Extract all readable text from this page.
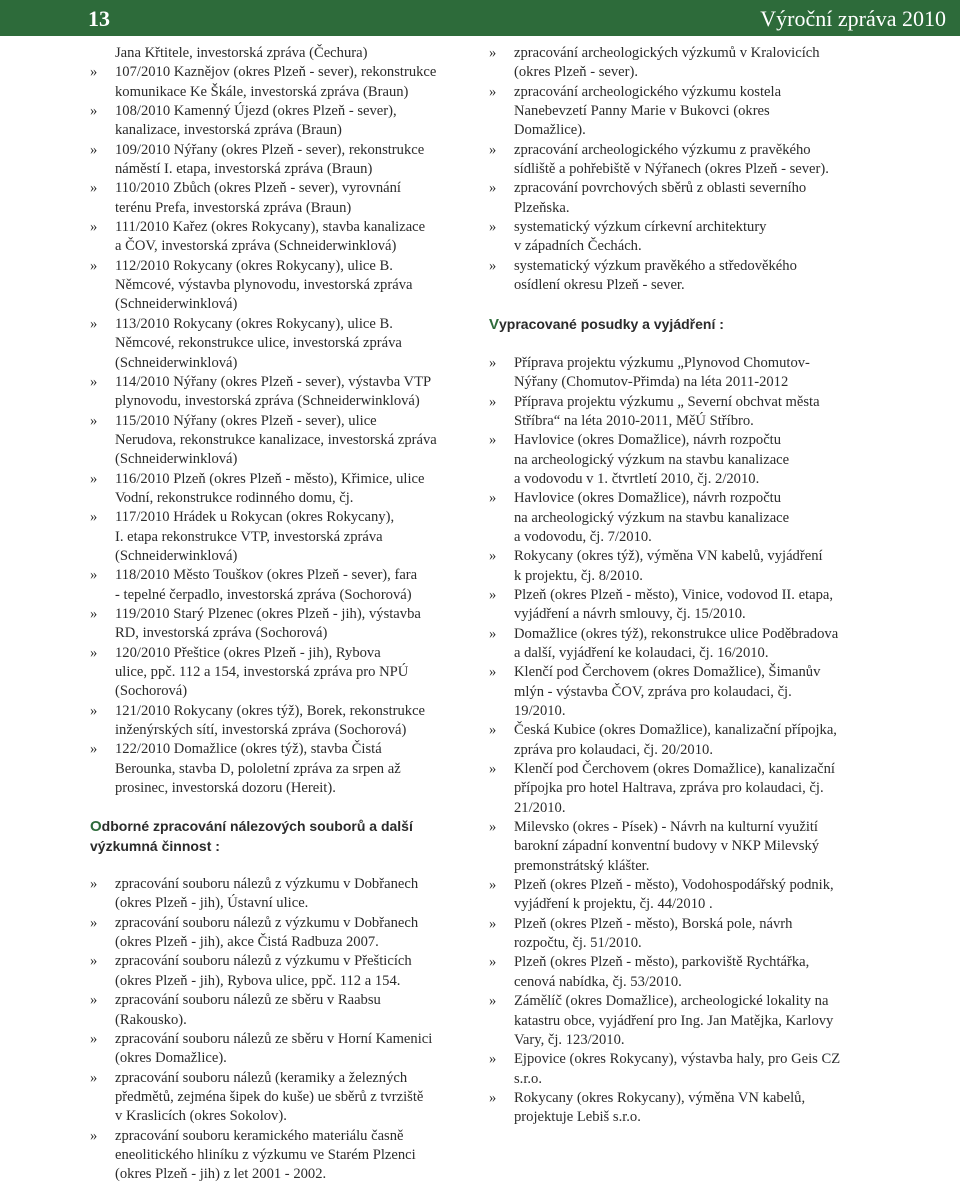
13	Výroční zpráva 2010
Jana Křtitele, investorská zpráva (Čechura)
» 107/2010 Kaznějov (okres Plzeň - sever), rekonstrukce
komunikace Ke Škále, investorská zpráva (Braun)
» 108/2010 Kamenný Újezd (okres Plzeň - sever),
kanalizace, investorská zpráva (Braun)
» 109/2010 Nýřany (okres Plzeň - sever), rekonstrukce
náměstí I. etapa, investorská zpráva (Braun)
» 110/2010 Zbůch (okres Plzeň - sever), vyrovnání
terénu Prefa, investorská zpráva (Braun)
» 111/2010 Kařez (okres Rokycany), stavba kanalizace
a ČOV, investorská zpráva (Schneiderwinklová)
» 112/2010 Rokycany (okres Rokycany), ulice B.
Němcové, výstavba plynovodu, investorská zpráva
(Schneiderwinklová)
» 113/2010 Rokycany (okres Rokycany), ulice B.
Němcové, rekonstrukce ulice, investorská zpráva
(Schneiderwinklová)
» 114/2010 Nýřany (okres Plzeň - sever), výstavba VTP
plynovodu, investorská zpráva (Schneiderwinklová)
» 115/2010 Nýřany (okres Plzeň - sever), ulice
Nerudova, rekonstrukce kanalizace, investorská zpráva
(Schneiderwinklová)
» 116/2010 Plzeň (okres Plzeň - město), Křimice, ulice
Vodní, rekonstrukce rodinného domu, čj.
» 117/2010 Hrádek u Rokycan (okres Rokycany),
I. etapa rekonstrukce VTP, investorská zpráva
(Schneiderwinklová)
» 118/2010 Město Touškov (okres Plzeň - sever), fara
- tepelné čerpadlo, investorská zpráva (Sochorová)
» 119/2010 Starý Plzenec (okres Plzeň - jih), výstavba
RD, investorská zpráva (Sochorová)
» 120/2010 Přeštice (okres Plzeň - jih), Rybova
ulice, ppč. 112 a 154, investorská zpráva pro NPÚ
(Sochorová)
» 121/2010 Rokycany (okres týž), Borek, rekonstrukce
inženýrských sítí, investorská zpráva (Sochorová)
» 122/2010 Domažlice (okres týž), stavba Čistá
Berounka, stavba D, pololetní zpráva za srpen až
prosinec, investorská dozoru (Hereit).
Odborné zpracování nálezových souborů a další
výzkumná činnost :
» zpracování souboru nálezů z výzkumu v Dobřanech
(okres Plzeň - jih), Ústavní ulice.
» zpracování souboru nálezů z výzkumu v Dobřanech
(okres Plzeň - jih), akce Čistá Radbuza 2007.
» zpracování souboru nálezů z výzkumu v Přešticích
(okres Plzeň - jih), Rybova ulice, ppč. 112 a 154.
» zpracování souboru nálezů ze sběru v Raabsu
(Rakousko).
» zpracování souboru nálezů ze sběru v Horní Kamenici
(okres Domažlice).
» zpracování souboru nálezů (keramiky a železných
předmětů, zejména šipek do kuše) ue sběrů z tvrziště
v Kraslicích (okres Sokolov).
» zpracování souboru keramického materiálu časně
eneolitického hliníku z výzkumu ve Starém Plzenci
(okres Plzeň - jih) z let 2001 - 2002.
» zpracování archeologických výzkumů v Kralovicích
(okres Plzeň - sever).
» zpracování archeologického výzkumu kostela
Nanebevzetí Panny Marie v Bukovci (okres
Domažlice).
» zpracování archeologického výzkumu z pravěkého
sídliště a pohřebiště v Nýřanech (okres Plzeň - sever).
» zpracování povrchových sběrů z oblasti severního
Plzeňska.
» systematický výzkum církevní architektury
v západních Čechách.
» systematický výzkum pravěkého a středověkého
osídlení okresu Plzeň - sever.
Vypracované posudky a vyjádření :
» Příprava projektu výzkumu „Plynovod Chomutov-
Nýřany (Chomutov-Přimda) na léta 2011-2012
» Příprava projektu výzkumu „ Severní obchvat města
Stříbra“ na léta 2010-2011, MěÚ Stříbro.
» Havlovice (okres Domažlice), návrh rozpočtu
na archeologický výzkum na stavbu kanalizace
a vodovodu v 1. čtvrtletí 2010, čj. 2/2010.
» Havlovice (okres Domažlice), návrh rozpočtu
na archeologický výzkum na stavbu kanalizace
a vodovodu, čj. 7/2010.
» Rokycany (okres týž), výměna VN kabelů, vyjádření
k projektu, čj. 8/2010.
» Plzeň (okres Plzeň - město), Vinice, vodovod II. etapa,
vyjádření a návrh smlouvy, čj. 15/2010.
» Domažlice (okres týž), rekonstrukce ulice Poděbradova
a další, vyjádření ke kolaudaci, čj. 16/2010.
» Klenčí pod Čerchovem (okres Domažlice), Šimanův
mlýn - výstavba ČOV, zpráva pro kolaudaci, čj.
19/2010.
» Česká Kubice (okres Domažlice), kanalizační přípojka,
zpráva pro kolaudaci, čj. 20/2010.
» Klenčí pod Čerchovem (okres Domažlice), kanalizační
přípojka pro hotel Haltrava, zpráva pro kolaudaci, čj.
21/2010.
» Milevsko (okres - Písek) - Návrh na kulturní využití
barokní západní konventní budovy v NKP Milevský
premonstrátský klášter.
» Plzeň (okres Plzeň - město), Vodohospodářský podnik,
vyjádření k projektu, čj. 44/2010 .
» Plzeň (okres Plzeň - město), Borská pole, návrh
rozpočtu, čj. 51/2010.
» Plzeň (okres Plzeň - město), parkoviště Rychtářka,
cenová nabídka, čj. 53/2010.
» Zámělíč (okres Domažlice), archeologické lokality na
katastru obce, vyjádření pro Ing. Jan Matějka, Karlovy
Vary, čj. 123/2010.
» Ejpovice (okres Rokycany), výstavba haly, pro Geis CZ
s.r.o.
» Rokycany (okres Rokycany), výměna VN kabelů,
projektuje Lebiš s.r.o.
